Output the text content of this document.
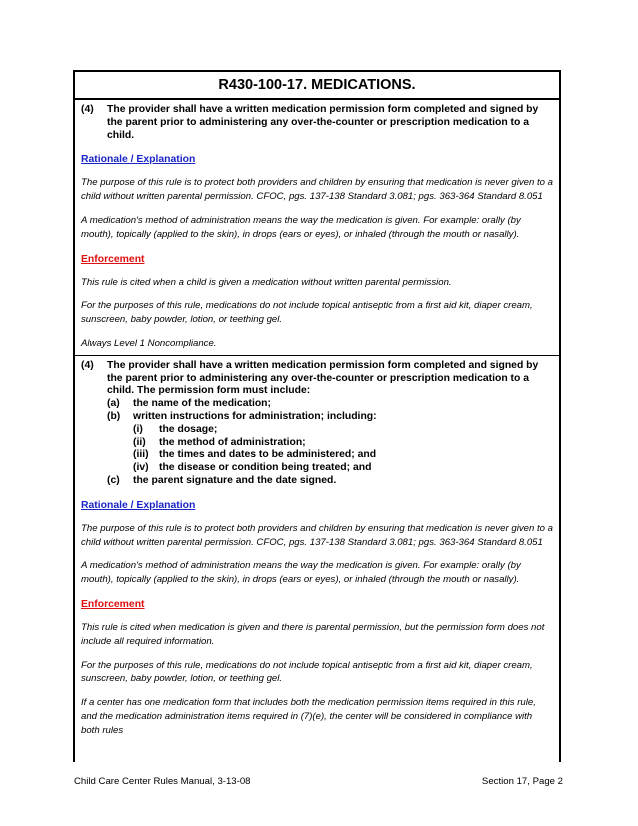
R430-100-17. MEDICATIONS.
(4)	The provider shall have a written medication permission form completed and signed by the parent prior to administering any over-the-counter or prescription medication to a child.
Rationale / Explanation
The purpose of this rule is to protect both providers and children by ensuring that medication is never given to a child without written parental permission. CFOC, pgs. 137-138 Standard 3.081; pgs. 363-364 Standard 8.051
A medication's method of administration means the way the medication is given. For example: orally (by mouth), topically (applied to the skin), in drops (ears or eyes), or inhaled (through the mouth or nasally).
Enforcement
This rule is cited when a child is given a medication without written parental permission.
For the purposes of this rule, medications do not include topical antiseptic from a first aid kit, diaper cream, sunscreen, baby powder, lotion, or teething gel.
Always Level 1 Noncompliance.
(4)	The provider shall have a written medication permission form completed and signed by the parent prior to administering any over-the-counter or prescription medication to a child. The permission form must include:
(a)	the name of the medication;
(b)	written instructions for administration; including:
(i)	the dosage;
(ii)	the method of administration;
(iii)	the times and dates to be administered; and
(iv)	the disease or condition being treated; and
(c)	the parent signature and the date signed.
Rationale / Explanation
The purpose of this rule is to protect both providers and children by ensuring that medication is never given to a child without written parental permission. CFOC, pgs. 137-138 Standard 3.081; pgs. 363-364 Standard 8.051
A medication's method of administration means the way the medication is given. For example: orally (by mouth), topically (applied to the skin), in drops (ears or eyes), or inhaled (through the mouth or nasally).
Enforcement
This rule is cited when medication is given and there is parental permission, but the permission form does not include all required information.
For the purposes of this rule, medications do not include topical antiseptic from a first aid kit, diaper cream, sunscreen, baby powder, lotion, or teething gel.
If a center has one medication form that includes both the medication permission items required in this rule, and the medication administration items required in (7)(e), the center will be considered in compliance with both rules
Child Care Center Rules Manual, 3-13-08	Section 17, Page 2
